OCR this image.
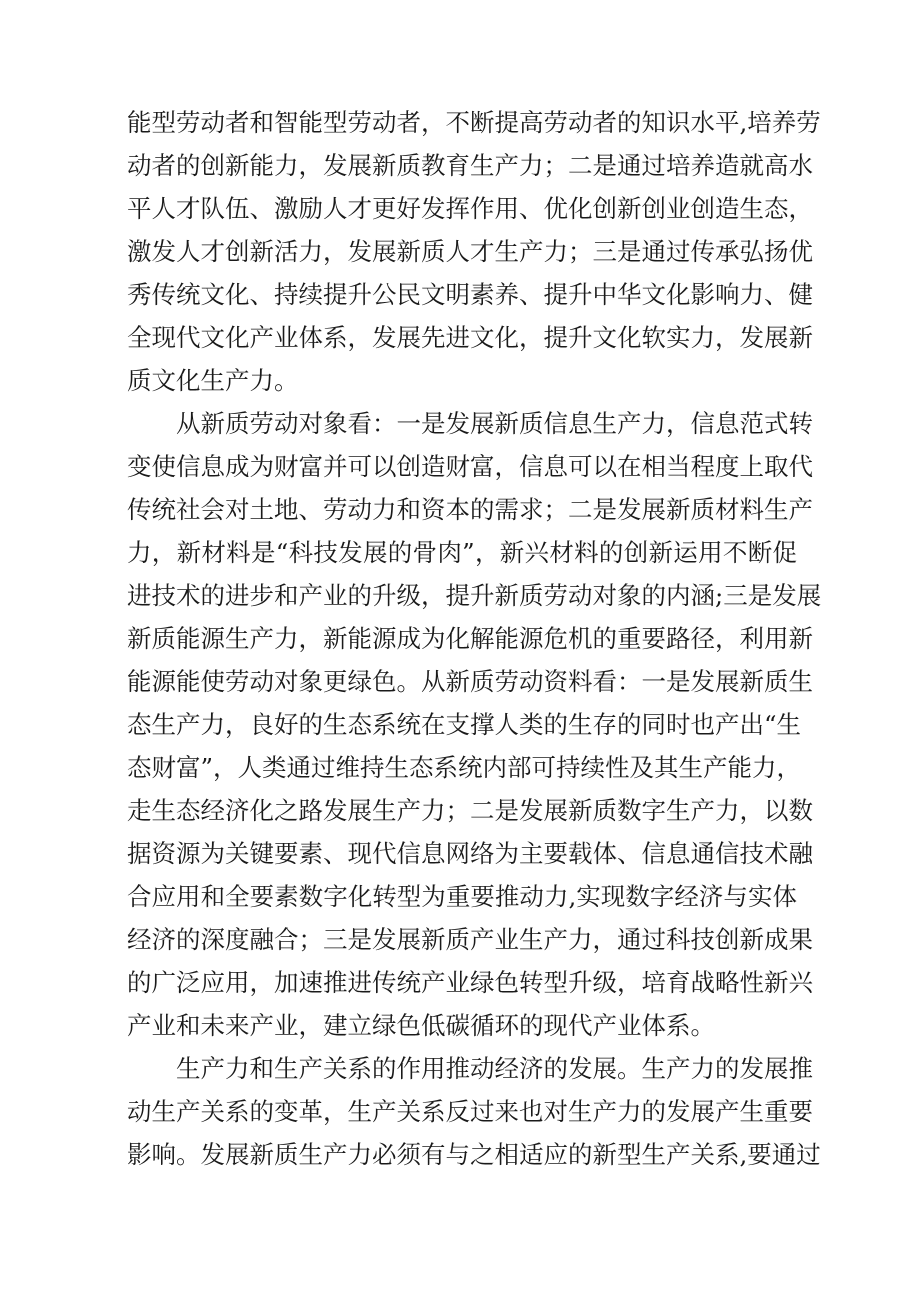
能型劳动者和智能型劳动者，不断提高劳动者的知识水平,培养劳
动者的创新能力，发展新质教育生产力；二是通过培养造就高水
平人才队伍、激励人才更好发挥作用、优化创新创业创造生态，
激发人才创新活力，发展新质人才生产力；三是通过传承弘扬优
秀传统文化、持续提升公民文明素养、提升中华文化影响力、健
全现代文化产业体系，发展先进文化，提升文化软实力，发展新
质文化生产力。

从新质劳动对象看：一是发展新质信息生产力，信息范式转
变使信息成为财富并可以创造财富，信息可以在相当程度上取代
传统社会对土地、劳动力和资本的需求；二是发展新质材料生产
力，新材料是“科技发展的骨肉”，新兴材料的创新运用不断促
进技术的进步和产业的升级，提升新质劳动对象的内涵;三是发展
新质能源生产力，新能源成为化解能源危机的重要路径，利用新
能源能使劳动对象更绿色。从新质劳动资料看：一是发展新质生
态生产力，良好的生态系统在支撑人类的生存的同时也产出“生
态财富”，人类通过维持生态系统内部可持续性及其生产能力，
走生态经济化之路发展生产力；二是发展新质数字生产力，以数
据资源为关键要素、现代信息网络为主要载体、信息通信技术融
合应用和全要素数字化转型为重要推动力,实现数字经济与实体
经济的深度融合；三是发展新质产业生产力，通过科技创新成果
的广泛应用，加速推进传统产业绿色转型升级，培育战略性新兴
产业和未来产业，建立绿色低碳循环的现代产业体系。

生产力和生产关系的作用推动经济的发展。生产力的发展推
动生产关系的变革，生产关系反过来也对生产力的发展产生重要
影响。发展新质生产力必须有与之相适应的新型生产关系,要通过
